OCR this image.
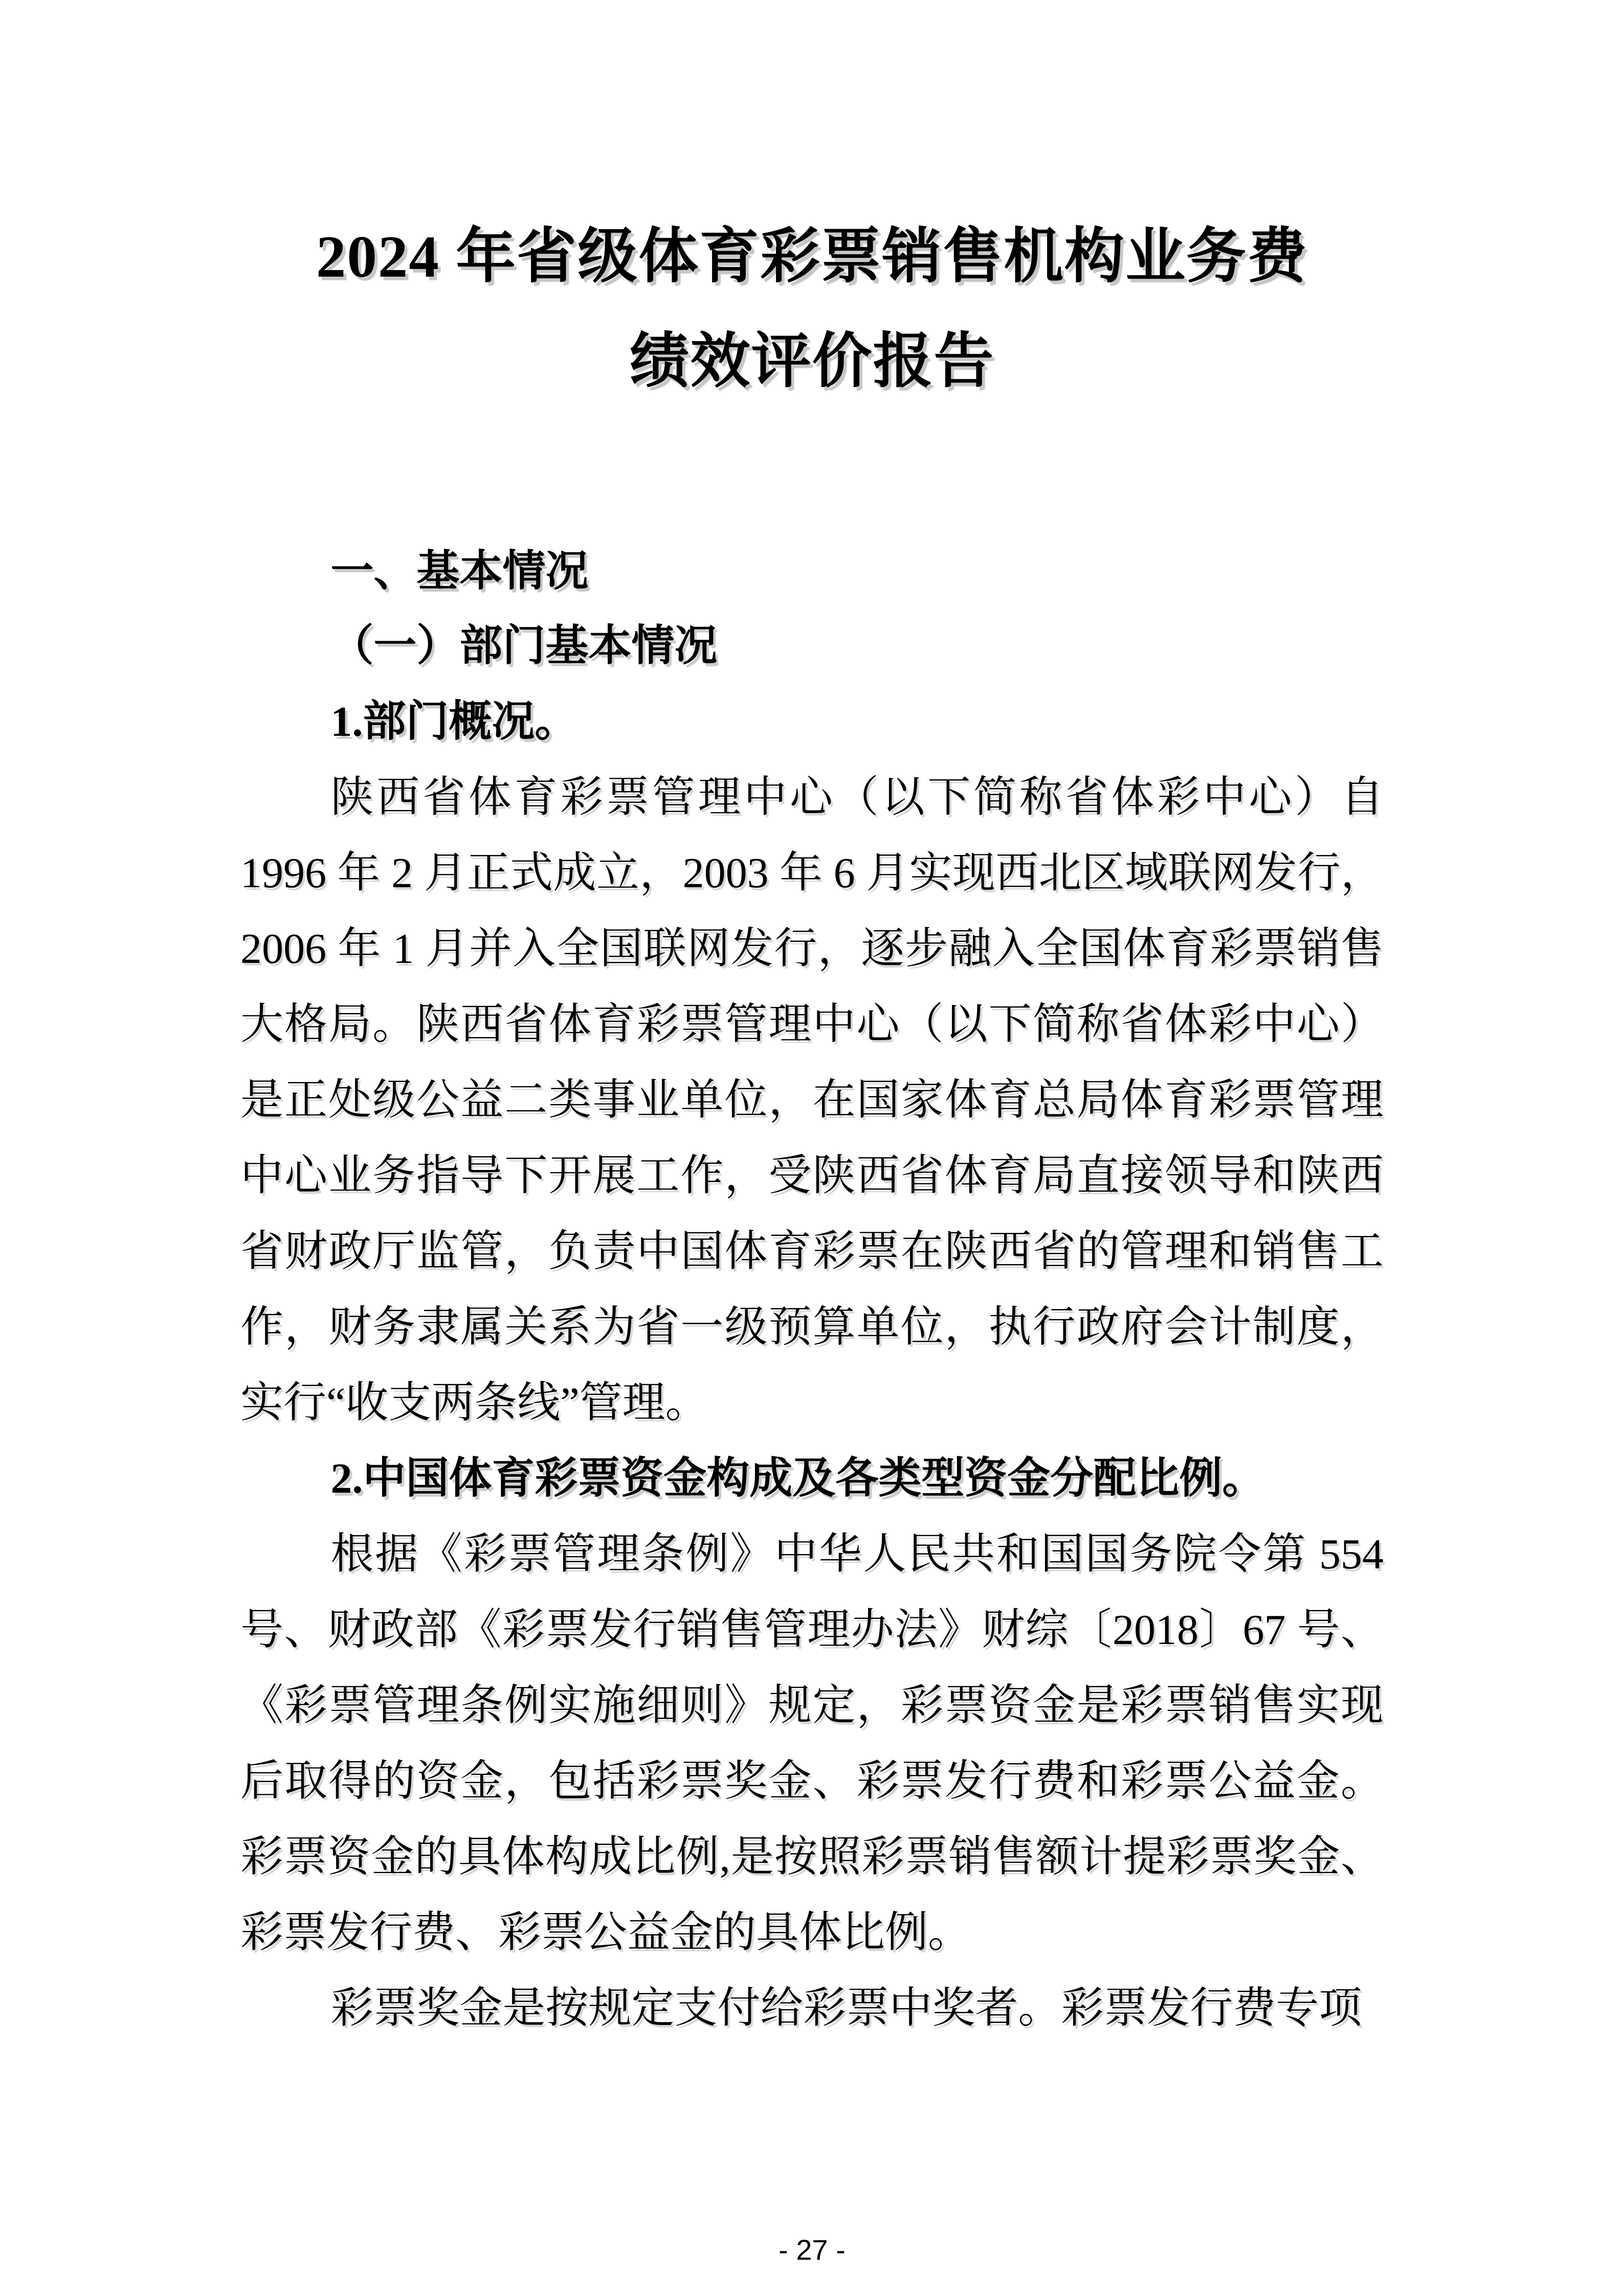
2024 年省级体育彩票销售机构业务费
绩效评价报告
一、基本情况
（一）部门基本情况
1.部门概况。
陕西省体育彩票管理中心（以下简称省体彩中心）自 1996 年 2 月正式成立，2003 年 6 月实现西北区域联网发行，2006 年 1 月并入全国联网发行，逐步融入全国体育彩票销售大格局。陕西省体育彩票管理中心（以下简称省体彩中心）是正处级公益二类事业单位，在国家体育总局体育彩票管理中心业务指导下开展工作，受陕西省体育局直接领导和陕西省财政厅监管，负责中国体育彩票在陕西省的管理和销售工作，财务隶属关系为省一级预算单位，执行政府会计制度，实行“收支两条线”管理。
2.中国体育彩票资金构成及各类型资金分配比例。
根据《彩票管理条例》中华人民共和国国务院令第 554 号、财政部《彩票发行销售管理办法》财综〔2018〕67 号、《彩票管理条例实施细则》规定，彩票资金是彩票销售实现后取得的资金，包括彩票奖金、彩票发行费和彩票公益金。彩票资金的具体构成比例,是按照彩票销售额计提彩票奖金、彩票发行费、彩票公益金的具体比例。
彩票奖金是按规定支付给彩票中奖者。彩票发行费专项
- 27 -
